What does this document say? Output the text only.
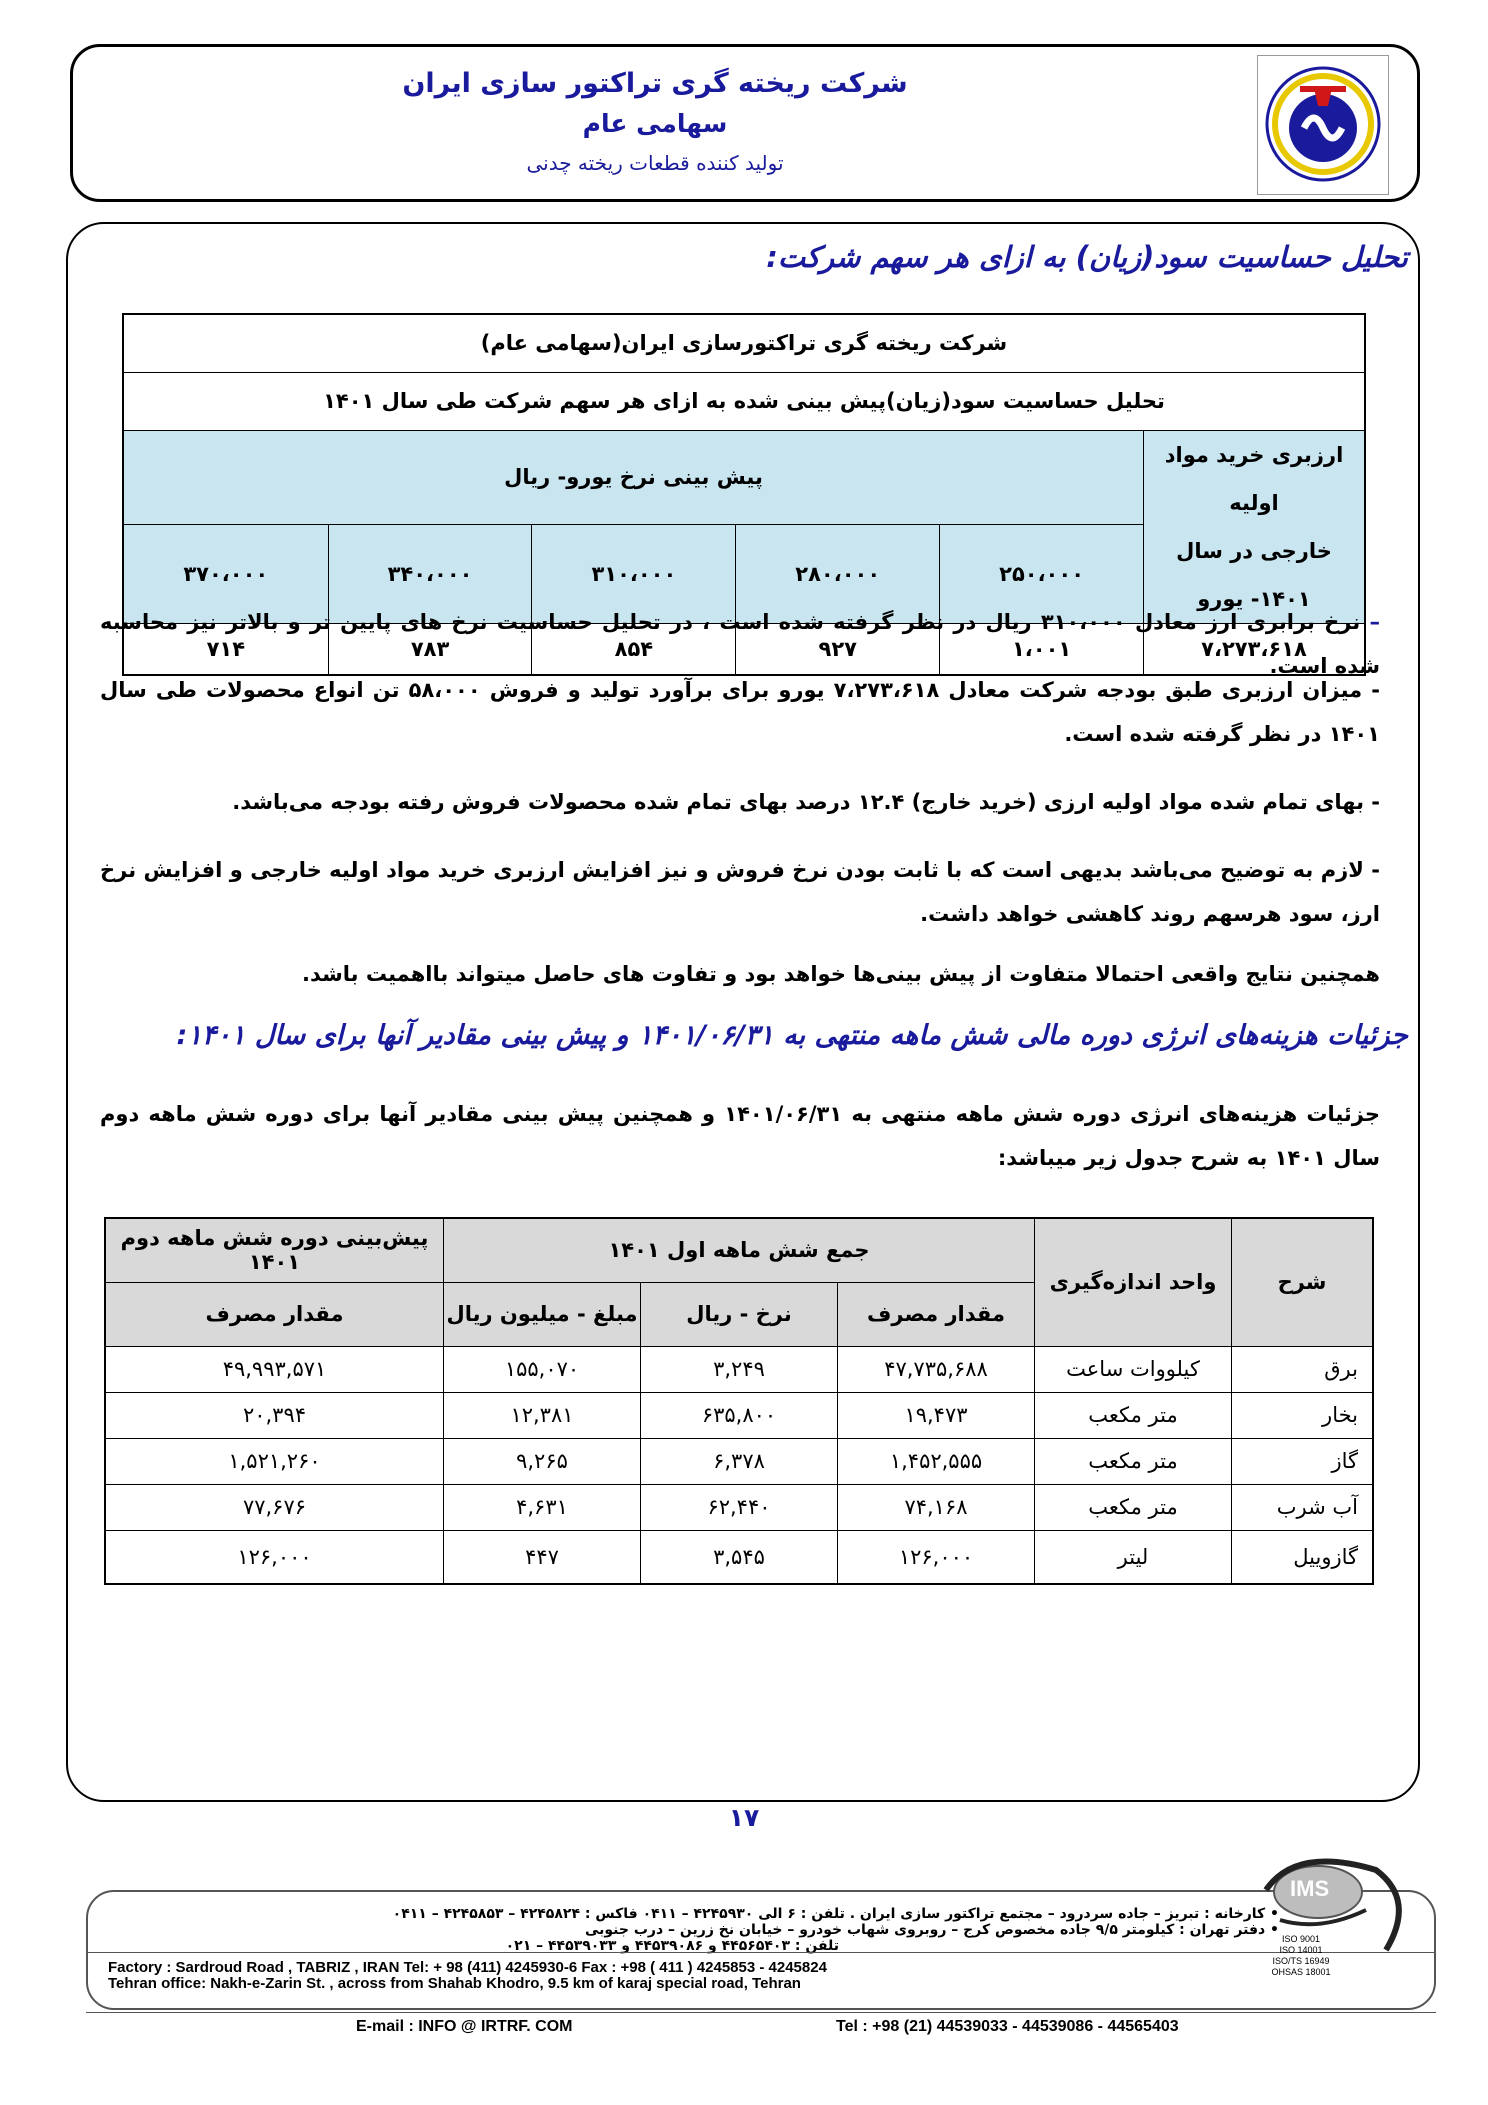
شرکت ریخته گری تراکتور سازی ایران
سهامی عام
تولید کننده قطعات ریخته چدنی
تحلیل حساسیت سود(زیان) به ازای هر سهم شرکت:
شرکت ریخته گری تراکتورسازی ایران(سهامی عام)					
تحلیل حساسیت سود(زیان)پیش بینی شده به ازای هر سهم شرکت طی سال ۱۴۰۱					

ارزبری خرید مواد اولیه
خارجی در سال ۱۴۰۱- یورو	پیش بینی نرخ یورو- ریال				
	۲۵۰،۰۰۰	۲۸۰،۰۰۰	۳۱۰،۰۰۰	۳۴۰،۰۰۰	۳۷۰،۰۰۰
۷،۲۷۳،۶۱۸	۱،۰۰۱	۹۲۷	۸۵۴	۷۸۳	۷۱۴
– نرخ برابری ارز معادل ۳۱۰،۰۰۰ ریال در نظر گرفته شده است ، در تحلیل حساسیت نرخ های پایین تر و بالاتر نیز محاسبه شده است.
- میزان ارزبری طبق بودجه شرکت معادل ۷،۲۷۳،۶۱۸ یورو برای برآورد تولید و فروش ۵۸،۰۰۰ تن انواع محصولات طی سال ۱۴۰۱ در نظر گرفته شده است.
- بهای تمام شده مواد اولیه ارزی (خرید خارج) ۱۲.۴ درصد بهای تمام شده محصولات فروش رفته بودجه می‌باشد.
- لازم به توضیح می‌باشد بدیهی است که با ثابت بودن نرخ فروش و نیز افزایش ارزبری خرید مواد اولیه خارجی و افزایش نرخ ارز، سود هرسهم روند کاهشی خواهد داشت.
همچنین نتایج واقعی احتمالا متفاوت از پیش بینی‌ها خواهد بود و تفاوت های حاصل میتواند بااهمیت باشد.
جزئیات هزینه‌های انرژی دوره مالی شش ماهه منتهی به ۱۴۰۱/۰۶/۳۱ و پیش بینی مقادیر آنها برای سال ۱۴۰۱:
جزئیات هزینه‌های انرژی دوره شش ماهه منتهی به ۱۴۰۱/۰۶/۳۱ و همچنین پیش بینی مقادیر آنها برای دوره شش ماهه دوم سال ۱۴۰۱ به شرح جدول زیر میباشد:
شرح	واحد اندازه‌گیری	جمع شش ماهه اول ۱۴۰۱			پیش‌بینی دوره شش ماهه دوم ۱۴۰۱
		مقدار مصرف	نرخ - ریال	مبلغ - میلیون ریال	مقدار مصرف
برق	کیلووات ساعت	۴۷,۷۳۵,۶۸۸	۳,۲۴۹	۱۵۵,۰۷۰	۴۹,۹۹۳,۵۷۱
بخار	متر مکعب	۱۹,۴۷۳	۶۳۵,۸۰۰	۱۲,۳۸۱	۲۰,۳۹۴
گاز	متر مکعب	۱,۴۵۲,۵۵۵	۶,۳۷۸	۹,۲۶۵	۱,۵۲۱,۲۶۰
آب شرب	متر مکعب	۷۴,۱۶۸	۶۲,۴۴۰	۴,۶۳۱	۷۷,۶۷۶
گازوییل	لیتر	۱۲۶,۰۰۰	۳,۵۴۵	۴۴۷	۱۲۶,۰۰۰
۱۷
• کارخانه : تبریز – جاده سردرود – مجتمع تراکتور سازی ایران . تلفن : ۶ الی ۴۲۴۵۹۳۰ – ۰۴۱۱ فاکس : ۴۲۴۵۸۲۴ – ۴۲۴۵۸۵۳ – ۰۴۱۱
• دفتر تهران : کیلومتر ۹/۵ جاده مخصوص کرج – روبروی شهاب خودرو – خیابان نخ زرین – درب جنوبی
تلفن : ۴۴۵۶۵۴۰۳ و ۴۴۵۳۹۰۸۶ و ۴۴۵۳۹۰۳۳ – ۰۲۱
Factory : Sardroud Road , TABRIZ , IRAN Tel: + 98 (411) 4245930-6 Fax : +98 ( 411 ) 4245853 - 4245824
Tehran office: Nakh-e-Zarin St. , across from Shahab Khodro, 9.5 km of karaj special road, Tehran
E-mail : INFO @ IRTRF. COM	Tel : +98 (21) 44539033 - 44539086 - 44565403
IMS
ISO 9001
ISO 14001
ISO/TS 16949
OHSAS 18001
